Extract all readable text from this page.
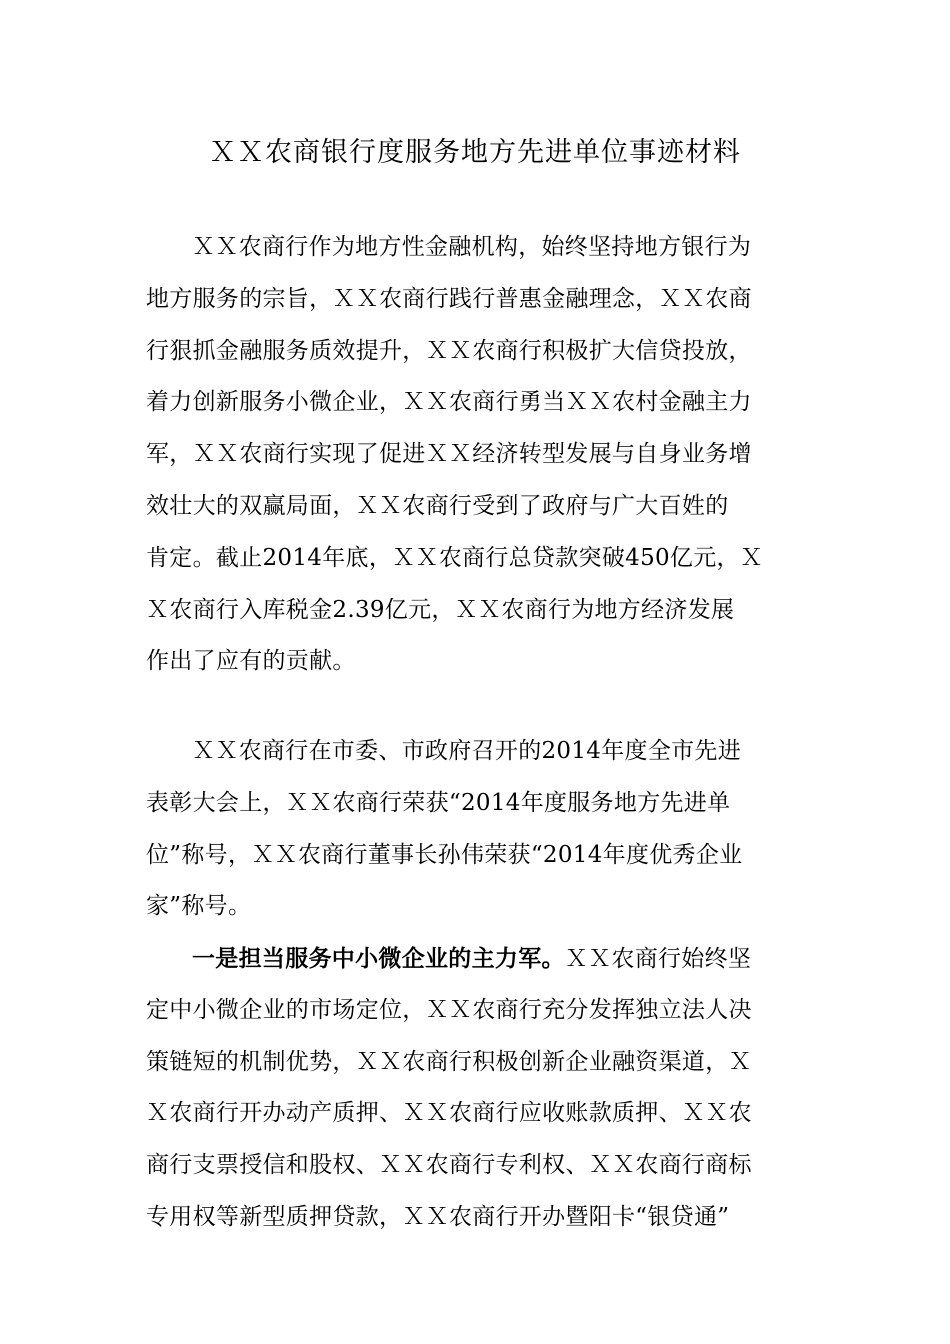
ＸＸ农商银行度服务地方先进单位事迹材料
ＸＸ农商行作为地方性金融机构，始终坚持地方银行为
地方服务的宗旨，ＸＸ农商行践行普惠金融理念，ＸＸ农商
行狠抓金融服务质效提升，ＸＸ农商行积极扩大信贷投放，
着力创新服务小微企业，ＸＸ农商行勇当ＸＸ农村金融主力
军，ＸＸ农商行实现了促进ＸＸ经济转型发展与自身业务增
效壮大的双赢局面，ＸＸ农商行受到了政府与广大百姓的
肯定。截止2014年底，ＸＸ农商行总贷款突破450亿元，Ｘ
Ｘ农商行入库税金2.39亿元，ＸＸ农商行为地方经济发展
作出了应有的贡献。
ＸＸ农商行在市委、市政府召开的2014年度全市先进
表彰大会上，ＸＸ农商行荣获“2014年度服务地方先进单
位”称号，ＸＸ农商行董事长孙伟荣获“2014年度优秀企业
家”称号。
一是担当服务中小微企业的主力军。ＸＸ农商行始终坚
定中小微企业的市场定位，ＸＸ农商行充分发挥独立法人决
策链短的机制优势，ＸＸ农商行积极创新企业融资渠道，Ｘ
Ｘ农商行开办动产质押、ＸＸ农商行应收账款质押、ＸＸ农
商行支票授信和股权、ＸＸ农商行专利权、ＸＸ农商行商标
专用权等新型质押贷款，ＸＸ农商行开办暨阳卡“银贷通”
